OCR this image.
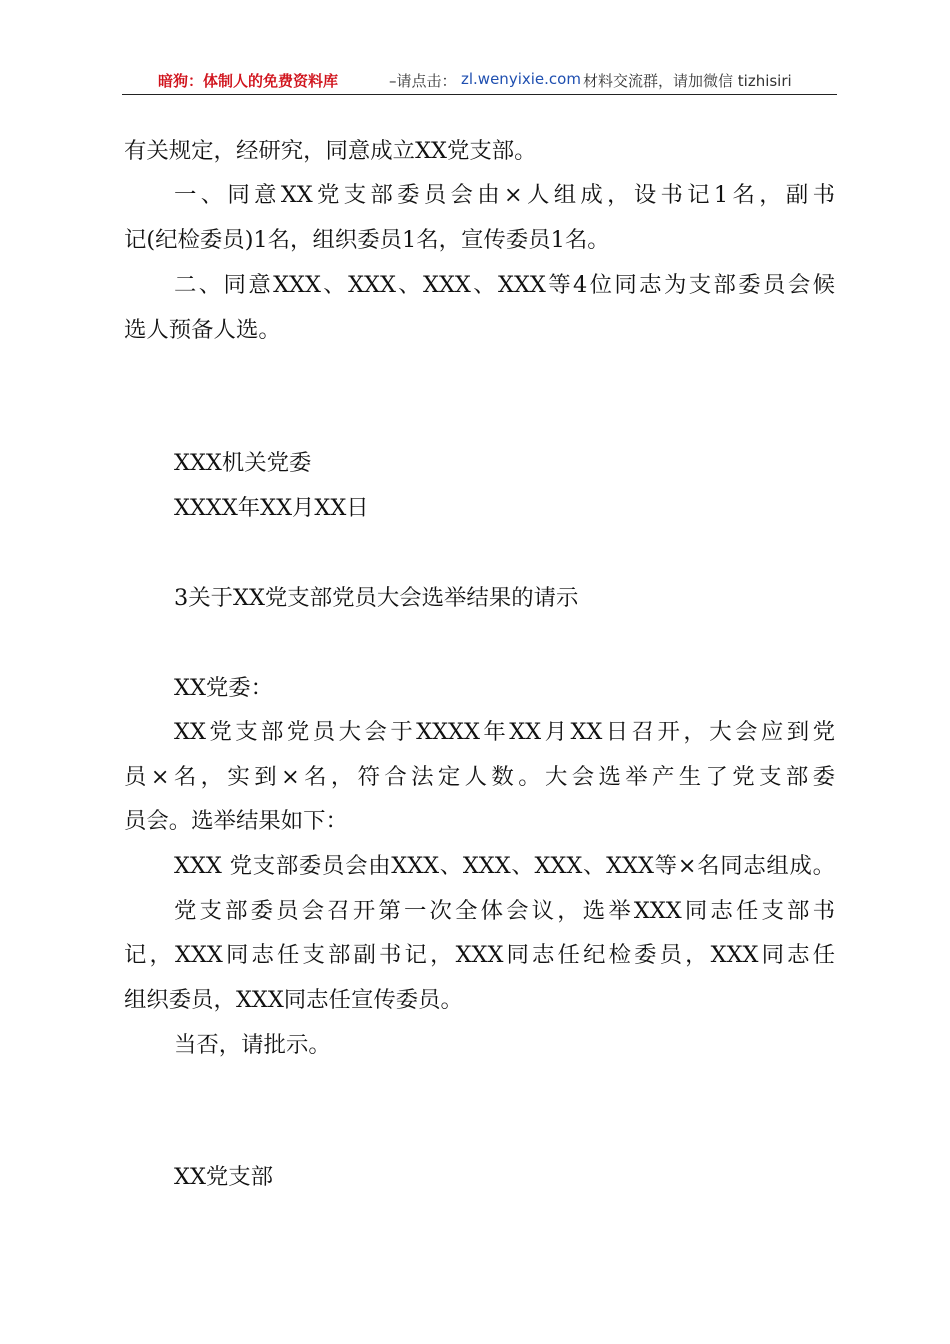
暗狗：体制人的免费资料库	–请点击： zl.wenyixie.com 材料交流群，请加微信 tizhisiri
有关规定，经研究，同意成立XX党支部。
一、同意XX党支部委员会由×人组成，设书记1名，副书
记(纪检委员)1名，组织委员1名，宣传委员1名。
二、同意XXX、XXX、XXX、XXX等4位同志为支部委员会候
选人预备人选。
XXX机关党委
XXXX年XX月XX日
3关于XX党支部党员大会选举结果的请示
XX党委：
XX党支部党员大会于XXXX年XX月XX日召开，大会应到党
员×名，实到×名，符合法定人数。大会选举产生了党支部委
员会。选举结果如下：
XXX 党支部委员会由XXX、XXX、XXX、XXX等×名同志组成。
党支部委员会召开第一次全体会议，选举XXX同志任支部书
记，XXX同志任支部副书记，XXX同志任纪检委员，XXX同志任
组织委员，XXX同志任宣传委员。
当否，请批示。
XX党支部
